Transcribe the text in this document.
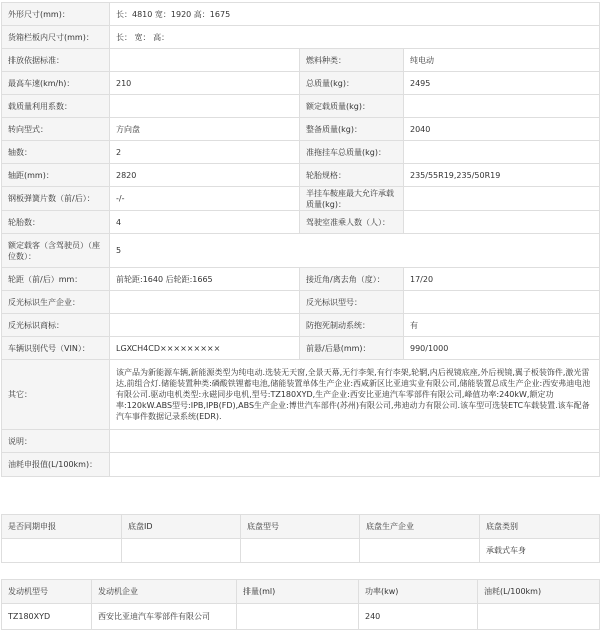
外形尺寸(mm)：	长：4810 宽：1920 高：1675		
货箱栏板内尺寸(mm)：	长： 宽： 高：		
排放依据标准：		燃料种类：	纯电动
最高车速(km/h)：	210	总质量(kg)：	2495
载质量利用系数：		额定载质量(kg)：	
转向型式：	方向盘	整备质量(kg)：	2040
轴数：	2	准拖挂车总质量(kg)：	
轴距(mm)：	2820	轮胎规格：	235/55R19,235/50R19
钢板弹簧片数（前/后）：	-/-	半挂车鞍座最大允许承载质量(kg)：	
轮胎数：	4	驾驶室准乘人数（人）：	
额定载客（含驾驶员）（座位数）：	5		
轮距（前/后）mm：	前轮距:1640 后轮距:1665	接近角/离去角（度）：	17/20
反光标识生产企业：		反光标识型号：	
反光标识商标：		防抱死制动系统：	有
车辆识别代号（VIN）：	LGXCH4CD×××××××××	前悬/后悬(mm)：	990/1000
其它：	该产品为新能源车辆,新能源类型为纯电动.选装无天窗,全景天幕,无行李架,有行李架,轮辋,内后视镜底座,外后视镜,翼子板装饰件,激光雷达,前组合灯.储能装置种类:磷酸铁锂蓄电池,储能装置单体生产企业:西咸新区比亚迪实业有限公司,储能装置总成生产企业:西安弗迪电池有限公司.驱动电机类型:永磁同步电机,型号:TZ180XYD,生产企业:西安比亚迪汽车零部件有限公司,峰值功率:240kW,额定功率:120kW.ABS型号:IPB,IPB(FD),ABS生产企业:博世汽车部件(苏州)有限公司,弗迪动力有限公司.该车型可选装ETC车载装置.该车配备汽车事件数据记录系统(EDR).		
说明：			
油耗申报值(L/100km)：			
是否同期申报	底盘ID	底盘型号	底盘生产企业	底盘类别
				承载式车身
发动机型号	发动机企业	排量(ml)	功率(kw)	油耗(L/100km)
TZ180XYD	西安比亚迪汽车零部件有限公司		240	
